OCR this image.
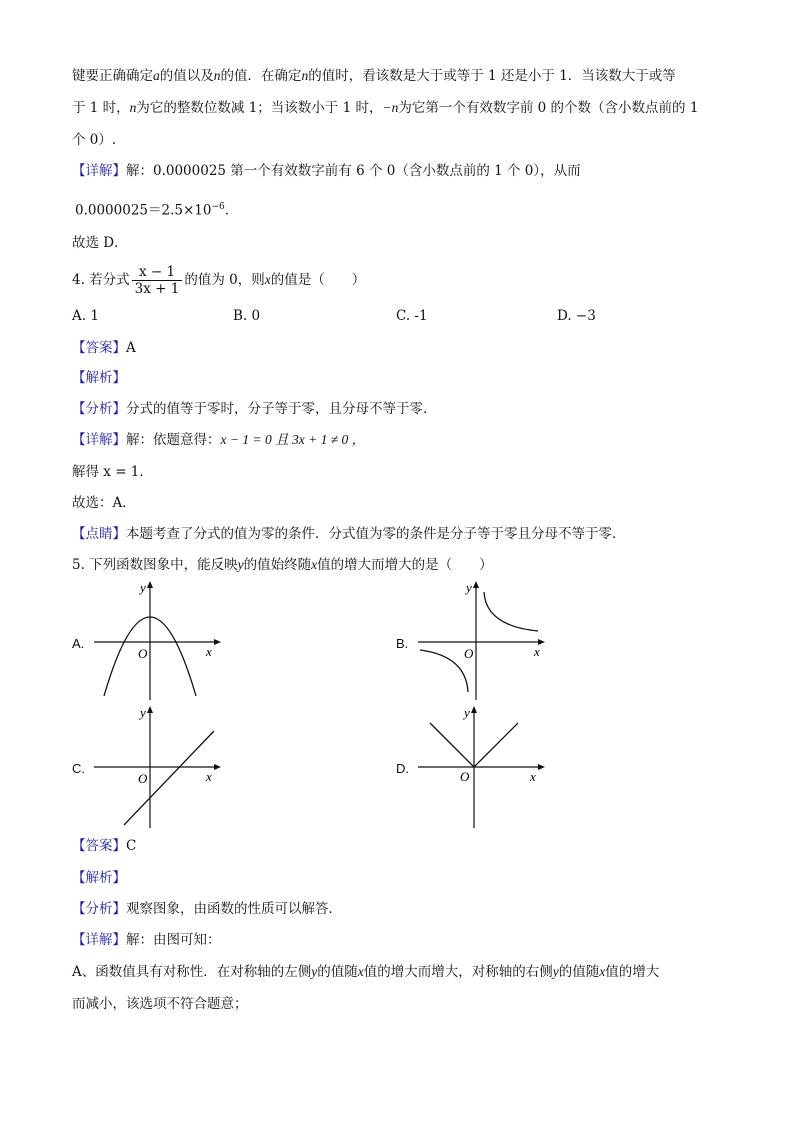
键要正确确定a的值以及n的值．在确定n的值时，看该数是大于或等于 1 还是小于 1．当该数大于或等
于 1 时，n为它的整数位数减 1；当该数小于 1 时，−n为它第一个有效数字前 0 的个数（含小数点前的 1
个 0）.
【详解】解：0.0000025 第一个有效数字前有 6 个 0（含小数点前的 1 个 0），从而
$0.0000025=2.5\times 10^{-6}$．
故选 D．
4. 若分式 $\frac{x - 1}{3x + 1}$ 的值为 0，则x的值是（　　）
A. 1	B. 0	C. -1	D. −3
【答案】A
【解析】
【分析】分式的值等于零时，分子等于零，且分母不等于零．
【详解】解：依题意得：x − 1 = 0 且 3x + 1 ≠ 0 ，
解得 x = 1．
故选：A．
【点睛】本题考查了分式的值为零的条件．分式值为零的条件是分子等于零且分母不等于零．
5. 下列函数图象中，能反映y的值始终随x值的增大而增大的是（　　）
A.	B.
C.	D.
O	x
y
O	x
y
O	x
y
O	x
y
【答案】C
【解析】
【分析】观察图象，由函数的性质可以解答．
【详解】解：由图可知：
A、函数值具有对称性．在对称轴的左侧y的值随x值的增大而增大，对称轴的右侧y的值随x值的增大
而减小，该选项不符合题意；
